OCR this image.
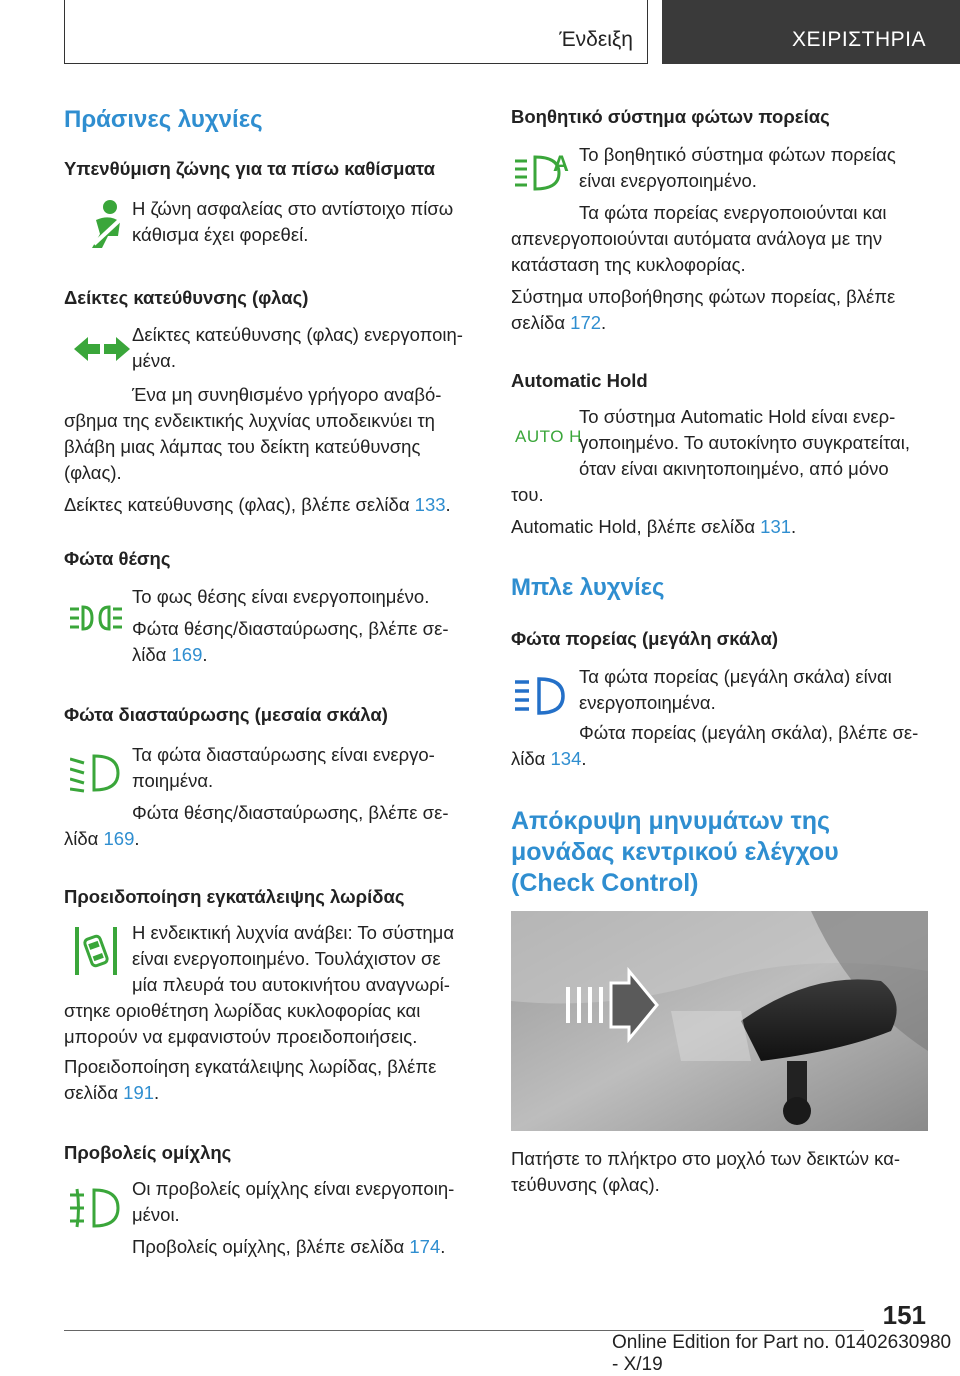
Ένδειξη	ΧΕΙΡΙΣΤΗΡΙΑ
Πράσινες λυχνίες
Υπενθύμιση ζώνης για τα πίσω καθίσματα
Η ζώνη ασφαλείας στο αντίστοιχο πίσω
κάθισμα έχει φορεθεί.
Δείκτες κατεύθυνσης (φλας)
Δείκτες κατεύθυνσης (φλας) ενεργοποιη-
μένα.
Ένα μη συνηθισμένο γρήγορο αναβό-
σβημα της ενδεικτικής λυχνίας υποδεικνύει τη
βλάβη μιας λάμπας του δείκτη κατεύθυνσης
(φλας).
Δείκτες κατεύθυνσης (φλας), βλέπε σελίδα 133.
Φώτα θέσης
Το φως θέσης είναι ενεργοποιημένο.
Φώτα θέσης/διασταύρωσης, βλέπε σε-
λίδα 169.
Φώτα διασταύρωσης (μεσαία σκάλα)
Τα φώτα διασταύρωσης είναι ενεργο-
ποιημένα.
Φώτα θέσης/διασταύρωσης, βλέπε σε-
λίδα 169.
Προειδοποίηση εγκατάλειψης λωρίδας
Η ενδεικτική λυχνία ανάβει: Το σύστημα
είναι ενεργοποιημένο. Τουλάχιστον σε
μία πλευρά του αυτοκινήτου αναγνωρί-
στηκε οριοθέτηση λωρίδας κυκλοφορίας και
μπορούν να εμφανιστούν προειδοποιήσεις.
Προειδοποίηση εγκατάλειψης λωρίδας, βλέπε
σελίδα 191.
Προβολείς ομίχλης
Οι προβολείς ομίχλης είναι ενεργοποιη-
μένοι.
Προβολείς ομίχλης, βλέπε σελίδα 174.
Βοηθητικό σύστημα φώτων πορείας
A Το βοηθητικό σύστημα φώτων πορείας
είναι ενεργοποιημένο.
Τα φώτα πορείας ενεργοποιούνται και
απενεργοποιούνται αυτόματα ανάλογα με την
κατάσταση της κυκλοφορίας.
Σύστημα υποβοήθησης φώτων πορείας, βλέπε
σελίδα 172.
Automatic Hold
AUTO H
Το σύστημα Automatic Hold είναι ενερ-
γοποιημένο. Το αυτοκίνητο συγκρατείται,
όταν είναι ακινητοποιημένο, από μόνο
του.
Automatic Hold, βλέπε σελίδα 131.
Μπλε λυχνίες
Φώτα πορείας (μεγάλη σκάλα)
Τα φώτα πορείας (μεγάλη σκάλα) είναι
ενεργοποιημένα.
Φώτα πορείας (μεγάλη σκάλα), βλέπε σε-
λίδα 134.
Απόκρυψη μηνυμάτων της
μονάδας κεντρικού ελέγχου
(Check Control)
Πατήστε το πλήκτρο στο μοχλό των δεικτών κα-
τεύθυνσης (φλας).
151
Online Edition for Part no. 01402630980 - X/19
